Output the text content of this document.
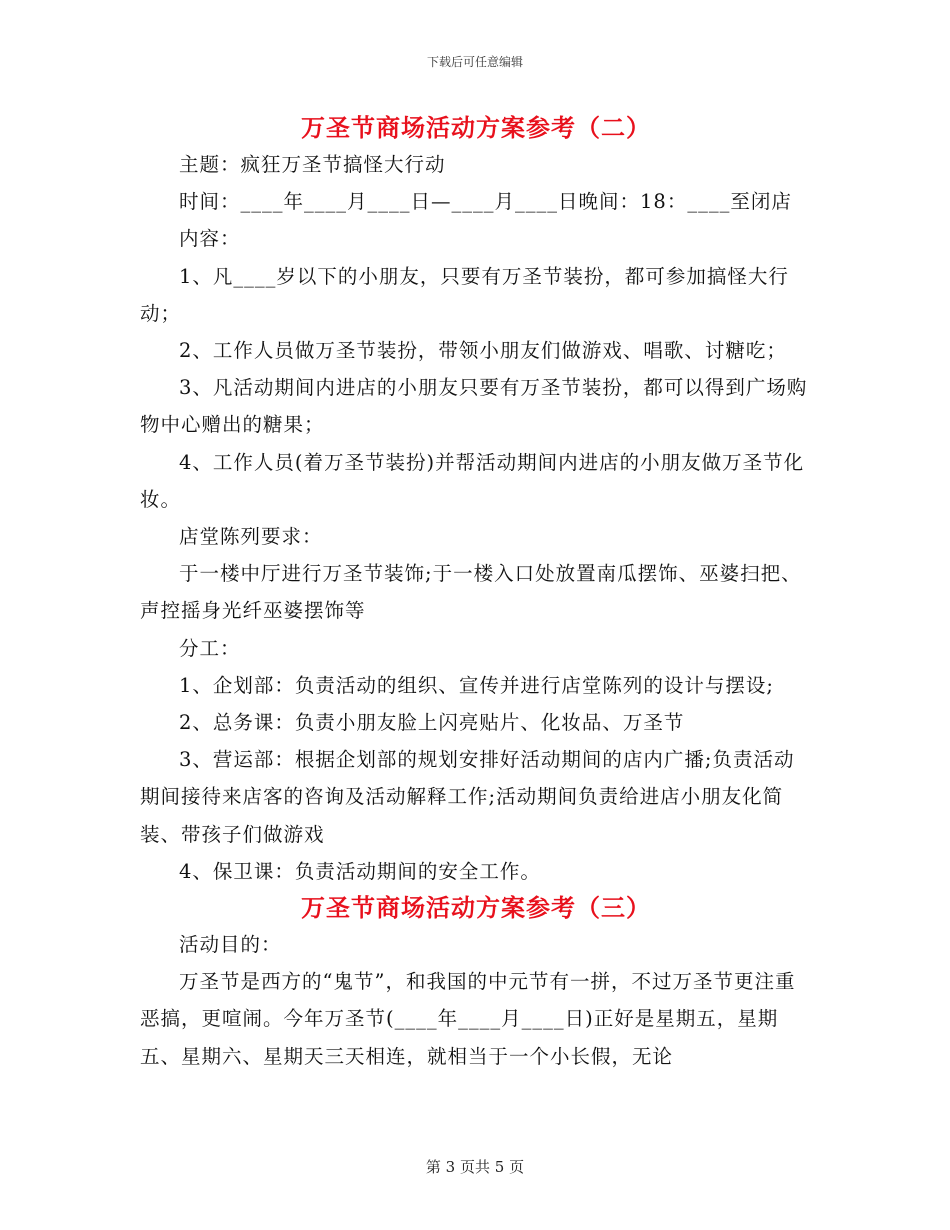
下载后可任意编辑
万圣节商场活动方案参考（二）

主题：疯狂万圣节搞怪大行动

时间：____年____月____日—____月____日晚间：18：____至闭店

内容：

1、凡____岁以下的小朋友，只要有万圣节装扮，都可参加搞怪大行动；

2、工作人员做万圣节装扮，带领小朋友们做游戏、唱歌、讨糖吃；

3、凡活动期间内进店的小朋友只要有万圣节装扮，都可以得到广场购物中心赠出的糖果；

4、工作人员(着万圣节装扮)并帮活动期间内进店的小朋友做万圣节化妆。

店堂陈列要求：

于一楼中厅进行万圣节装饰;于一楼入口处放置南瓜摆饰、巫婆扫把、声控摇身光纤巫婆摆饰等

分工：

1、企划部：负责活动的组织、宣传并进行店堂陈列的设计与摆设;

2、总务课：负责小朋友脸上闪亮贴片、化妆品、万圣节

3、营运部：根据企划部的规划安排好活动期间的店内广播;负责活动期间接待来店客的咨询及活动解释工作;活动期间负责给进店小朋友化简装、带孩子们做游戏

4、保卫课：负责活动期间的安全工作。

万圣节商场活动方案参考（三）

活动目的：

万圣节是西方的“鬼节”，和我国的中元节有一拼，不过万圣节更注重恶搞，更喧闹。今年万圣节(____年____月____日)正好是星期五，星期五、星期六、星期天三天相连，就相当于一个小长假，无论

第 3 页共 5 页
